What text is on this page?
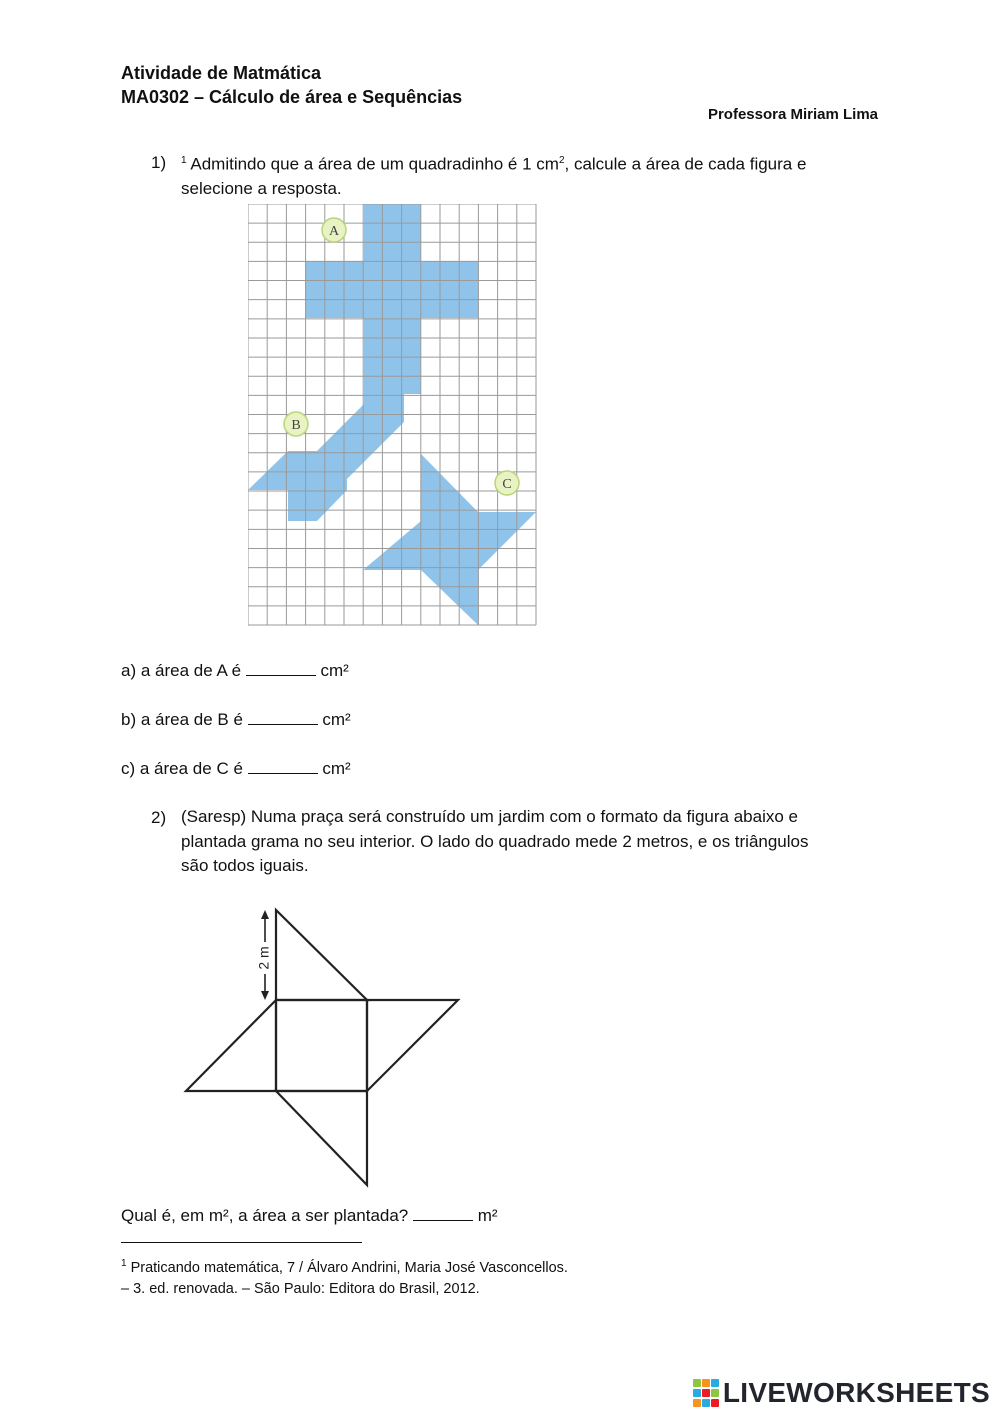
Atividade de Matmática
MA0302 – Cálculo de área e Sequências
Professora Miriam Lima
1) $^1$ Admitindo que a área de um quadradinho é 1 $cm^2$, calcule a área de cada figura e
selecione a resposta.
A
B
C
a) a área de A é	cm²
b) a área de B é	cm²
c) a área de C é	cm²
2) (Saresp) Numa praça será construído um jardim com o formato da figura abaixo e
plantada grama no seu interior. O lado do quadrado mede 2 metros, e os triângulos
são todos iguais.
2 m
Qual é, em m², a área a ser plantada?	m²
$^1$ Praticando matemática, 7 / Álvaro Andrini, Maria José Vasconcellos.
– 3. ed. renovada. – São Paulo: Editora do Brasil, 2012.
LIVEWORKSHEETS
